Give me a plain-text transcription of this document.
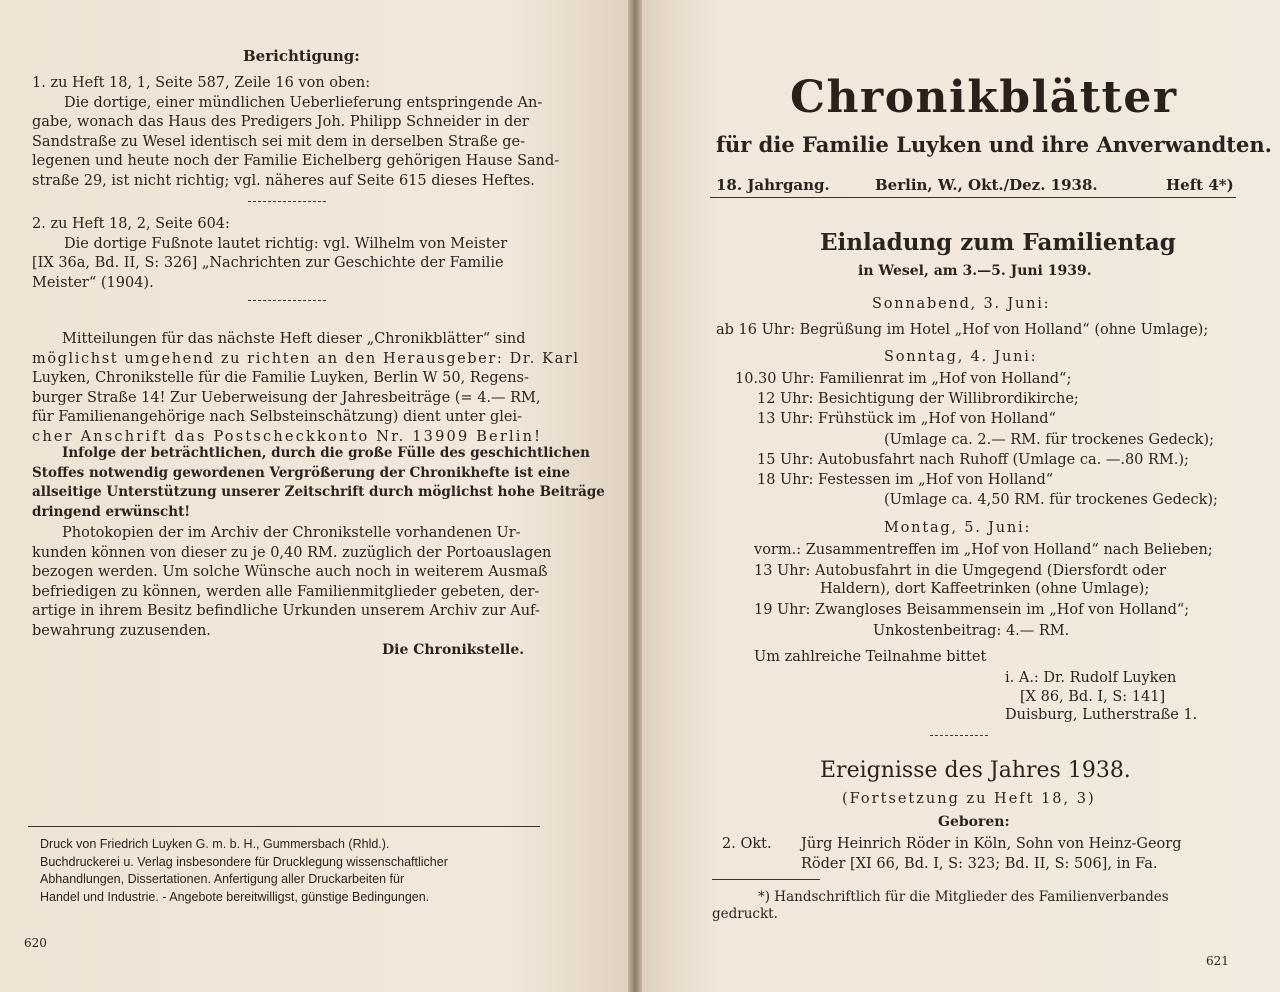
Berichtigung:

1. zu Heft 18, 1, Seite 587, Zeile 16 von oben:

Die dortige, einer mündlichen Ueberlieferung entspringende An-

gabe, wonach das Haus des Predigers Joh. Philipp Schneider in der

Sandstraße zu Wesel identisch sei mit dem in derselben Straße ge-

legenen und heute noch der Familie Eichelberg gehörigen Hause Sand-

straße 29, ist nicht richtig; vgl. näheres auf Seite 615 dieses Heftes.

2. zu Heft 18, 2, Seite 604:

Die dortige Fußnote lautet richtig: vgl. Wilhelm von Meister

[IX 36a, Bd. II, S: 326] „Nachrichten zur Geschichte der Familie

Meister“ (1904).

Mitteilungen für das nächste Heft dieser „Chronikblätter“ sind

möglichst umgehend zu richten an den Herausgeber: Dr. Karl

Luyken, Chronikstelle für die Familie Luyken, Berlin W 50, Regens-

burger Straße 14! Zur Ueberweisung der Jahresbeiträge (= 4.— RM,

für Familienangehörige nach Selbsteinschätzung) dient unter glei-

cher Anschrift das Postscheckkonto Nr. 13909 Berlin!

Infolge der beträchtlichen, durch die große Fülle des geschichtlichen

Stoffes notwendig gewordenen Vergrößerung der Chronikhefte ist eine

allseitige Unterstützung unserer Zeitschrift durch möglichst hohe Beiträge

dringend erwünscht!

Photokopien der im Archiv der Chronikstelle vorhandenen Ur-

kunden können von dieser zu je 0,40 RM. zuzüglich der Portoauslagen

bezogen werden. Um solche Wünsche auch noch in weiterem Ausmaß

befriedigen zu können, werden alle Familienmitglieder gebeten, der-

artige in ihrem Besitz befindliche Urkunden unserem Archiv zur Auf-

bewahrung zuzusenden.

Die Chronikstelle.

Druck von Friedrich Luyken G. m. b. H., Gummersbach (Rhld.).

Buchdruckerei u. Verlag insbesondere für Drucklegung wissenschaftlicher

Abhandlungen, Dissertationen. Anfertigung aller Druckarbeiten für

Handel und Industrie. - Angebote bereitwilligst, günstige Bedingungen.

620
Chronikblätter
für die Familie Luyken und ihre Anverwandten.
18. Jahrgang.	Berlin, W., Okt./Dez. 1938.	Heft 4*)
Einladung zum Familientag
in Wesel, am 3.—5. Juni 1939.
Sonnabend, 3. Juni:
ab 16 Uhr: Begrüßung im Hotel „Hof von Holland“ (ohne Umlage);
Sonntag, 4. Juni:
10.30 Uhr: Familienrat im „Hof von Holland“;
12 Uhr: Besichtigung der Willibrordikirche;
13 Uhr: Frühstück im „Hof von Holland“
(Umlage ca. 2.— RM. für trockenes Gedeck);
15 Uhr: Autobusfahrt nach Ruhoff (Umlage ca. —.80 RM.);
18 Uhr: Festessen im „Hof von Holland“
(Umlage ca. 4,50 RM. für trockenes Gedeck);
Montag, 5. Juni:
vorm.: Zusammentreffen im „Hof von Holland“ nach Belieben;
13 Uhr: Autobusfahrt in die Umgegend (Diersfordt oder
Haldern), dort Kaffeetrinken (ohne Umlage);
19 Uhr: Zwangloses Beisammensein im „Hof von Holland“;
Unkostenbeitrag: 4.— RM.
Um zahlreiche Teilnahme bittet
i. A.: Dr. Rudolf Luyken
[X 86, Bd. I, S: 141]
Duisburg, Lutherstraße 1.
Ereignisse des Jahres 1938.
(Fortsetzung zu Heft 18, 3)
Geboren:
2. Okt. Jürg Heinrich Röder in Köln, Sohn von Heinz-Georg
Röder [XI 66, Bd. I, S: 323; Bd. II, S: 506], in Fa.
*) Handschriftlich für die Mitglieder des Familienverbandes
gedruckt.
621
